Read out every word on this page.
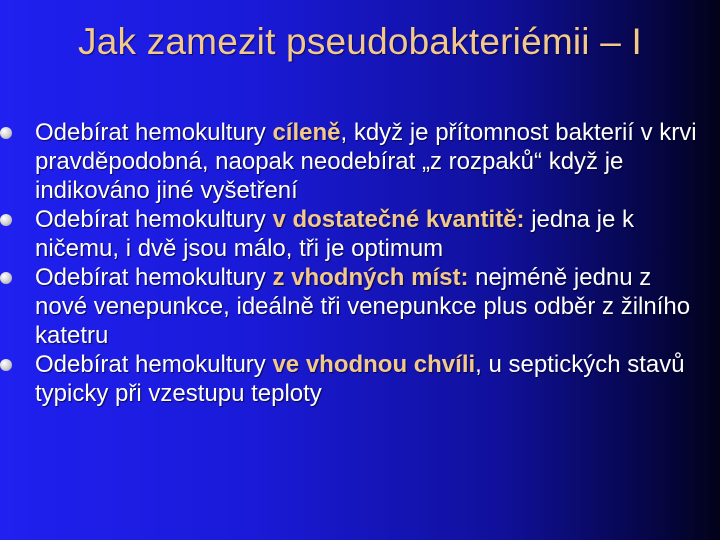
Jak zamezit pseudobakteriémii – I
Odebírat hemokultury cíleně, když je přítomnost bakterií v krvi pravděpodobná, naopak neodebírat „z rozpaků“ když je indikováno jiné vyšetření
Odebírat hemokultury v dostatečné kvantitě: jedna je k ničemu, i dvě jsou málo, tři je optimum
Odebírat hemokultury z vhodných míst: nejméně jednu z nové venepunkce, ideálně tři venepunkce plus odběr z žilního katetru
Odebírat hemokultury ve vhodnou chvíli, u septických stavů typicky při vzestupu teploty
